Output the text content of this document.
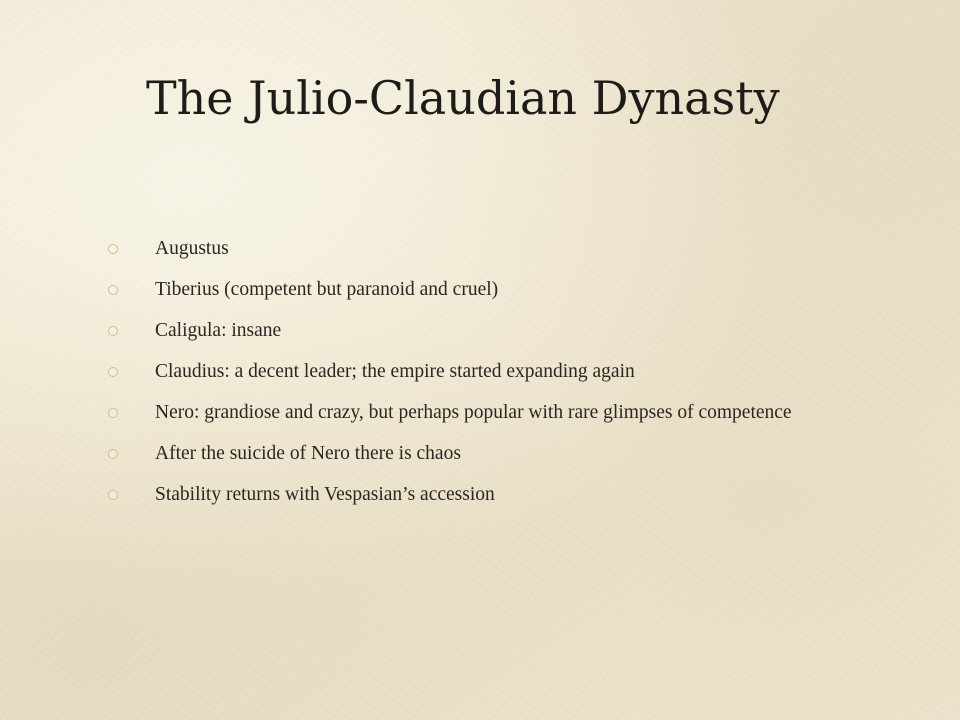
The Julio-Claudian Dynasty
Augustus
Tiberius (competent but paranoid and cruel)
Caligula: insane
Claudius: a decent leader; the empire started expanding again
Nero: grandiose and crazy, but perhaps popular with rare glimpses of competence
After the suicide of Nero there is chaos
Stability returns with Vespasian’s accession
